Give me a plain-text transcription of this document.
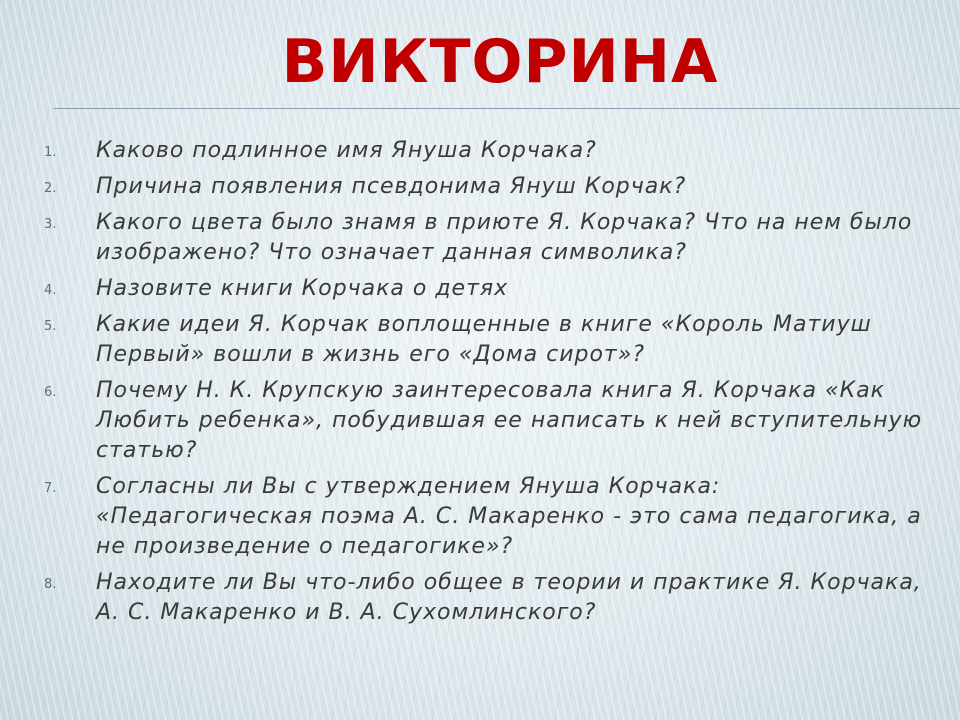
ВИКТОРИНА
1.	Каково подлинное имя Януша Корчака?
2.	Причина появления псевдонима Януш Корчак?
3.	Какого цвета было знамя в приюте Я. Корчака? Что на нем было изображено? Что означает данная символика?
4.	Назовите книги Корчака о детях
5.	Какие идеи Я. Корчак воплощенные в книге «Король Матиуш Первый» вошли в жизнь его «Дома сирот»?
6.	Почему Н. К. Крупскую заинтересовала книга Я. Корчака «Как Любить ребенка», побудившая ее написать к ней вступительную статью?
7.	Согласны ли Вы с утверждением Януша Корчака: «Педагогическая поэма А. С. Макаренко - это сама педагогика, а не произведение о педагогике»?
8.	Находите ли Вы что-либо общее в теории и практике Я. Корчака, А. С. Макаренко и В. А. Сухомлинского?
